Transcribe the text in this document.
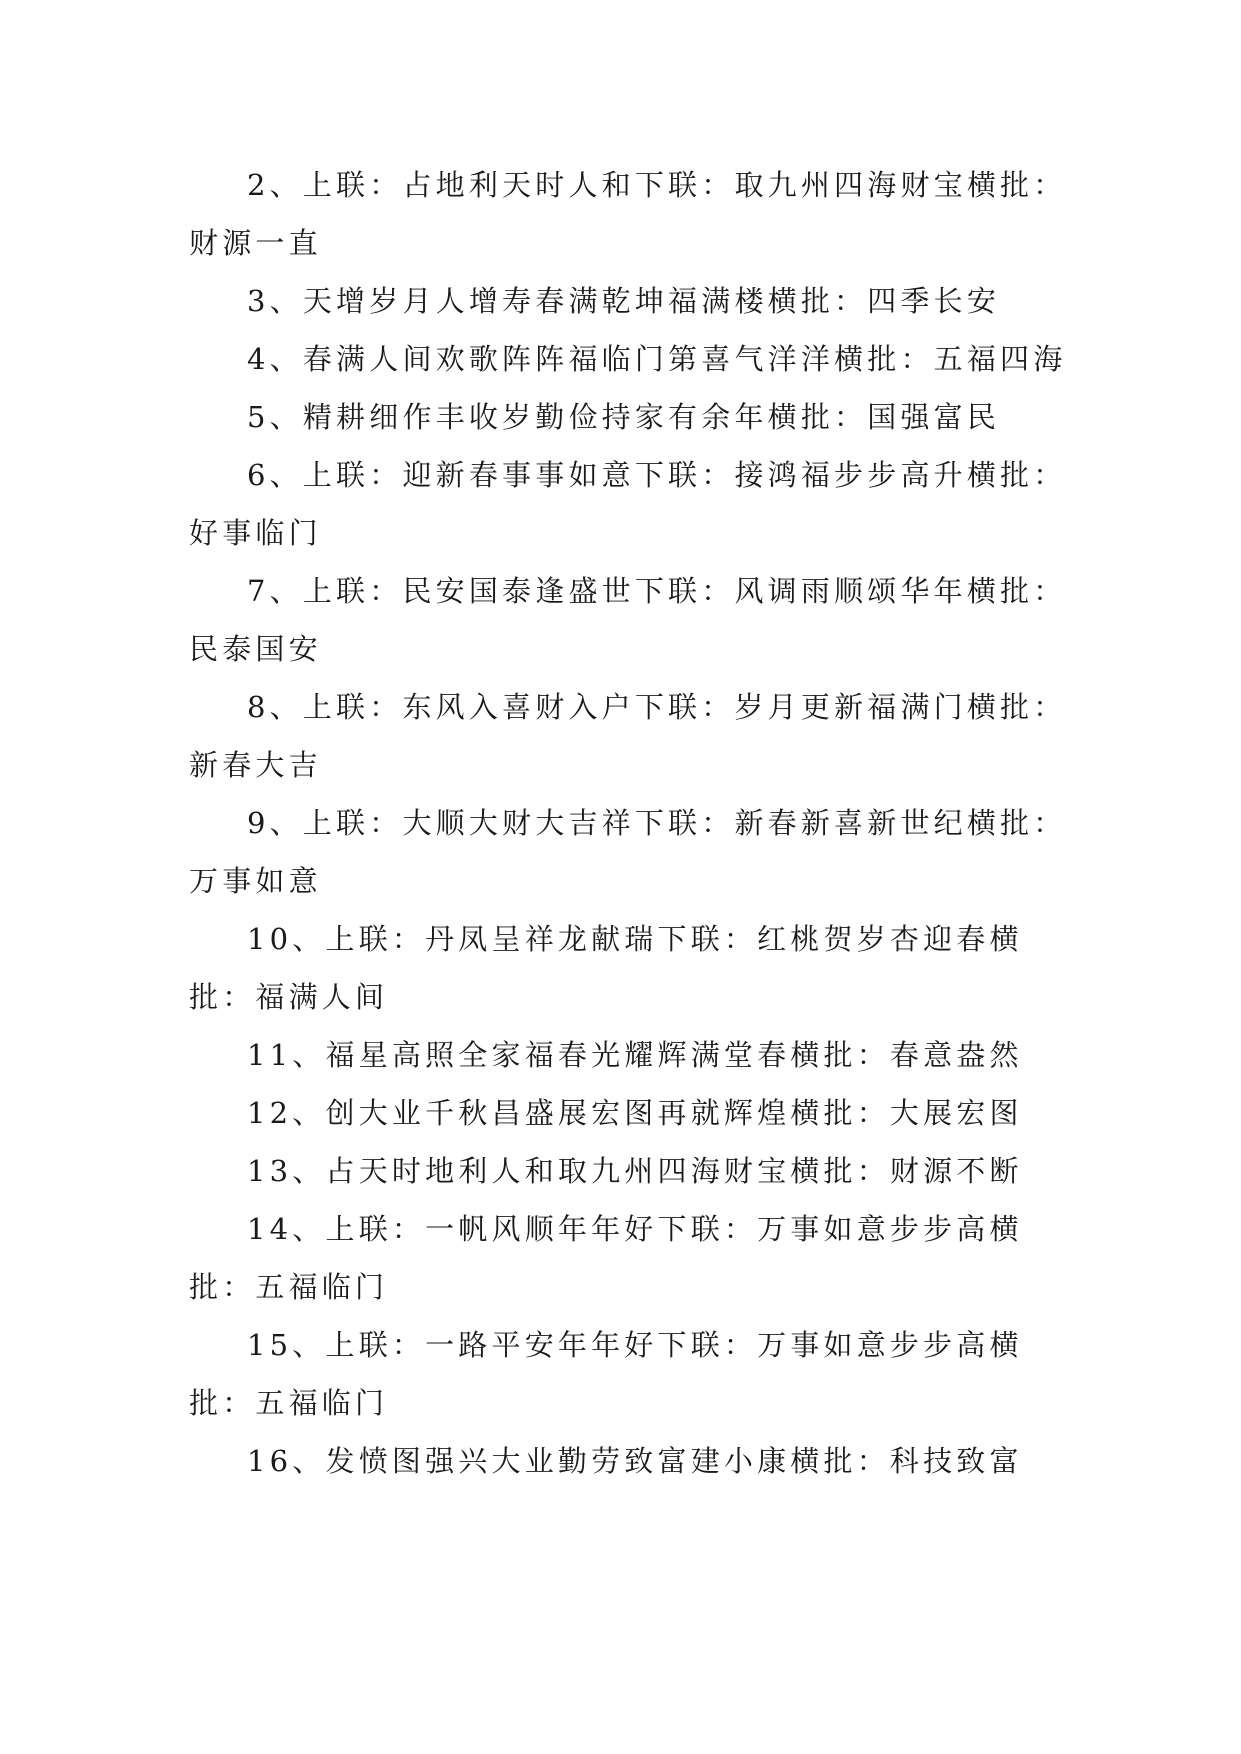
2、上联：占地利天时人和下联：取九州四海财宝横批：财源一直

3、天增岁月人增寿春满乾坤福满楼横批：四季长安

4、春满人间欢歌阵阵福临门第喜气洋洋横批：五福四海

5、精耕细作丰收岁勤俭持家有余年横批：国强富民

6、上联：迎新春事事如意下联：接鸿福步步高升横批：好事临门

7、上联：民安国泰逢盛世下联：风调雨顺颂华年横批：民泰国安

8、上联：东风入喜财入户下联：岁月更新福满门横批：新春大吉

9、上联：大顺大财大吉祥下联：新春新喜新世纪横批：万事如意

10、上联：丹凤呈祥龙献瑞下联：红桃贺岁杏迎春横批：福满人间

11、福星高照全家福春光耀辉满堂春横批：春意盎然

12、创大业千秋昌盛展宏图再就辉煌横批：大展宏图

13、占天时地利人和取九州四海财宝横批：财源不断

14、上联：一帆风顺年年好下联：万事如意步步高横批：五福临门

15、上联：一路平安年年好下联：万事如意步步高横批：五福临门

16、发愤图强兴大业勤劳致富建小康横批：科技致富
